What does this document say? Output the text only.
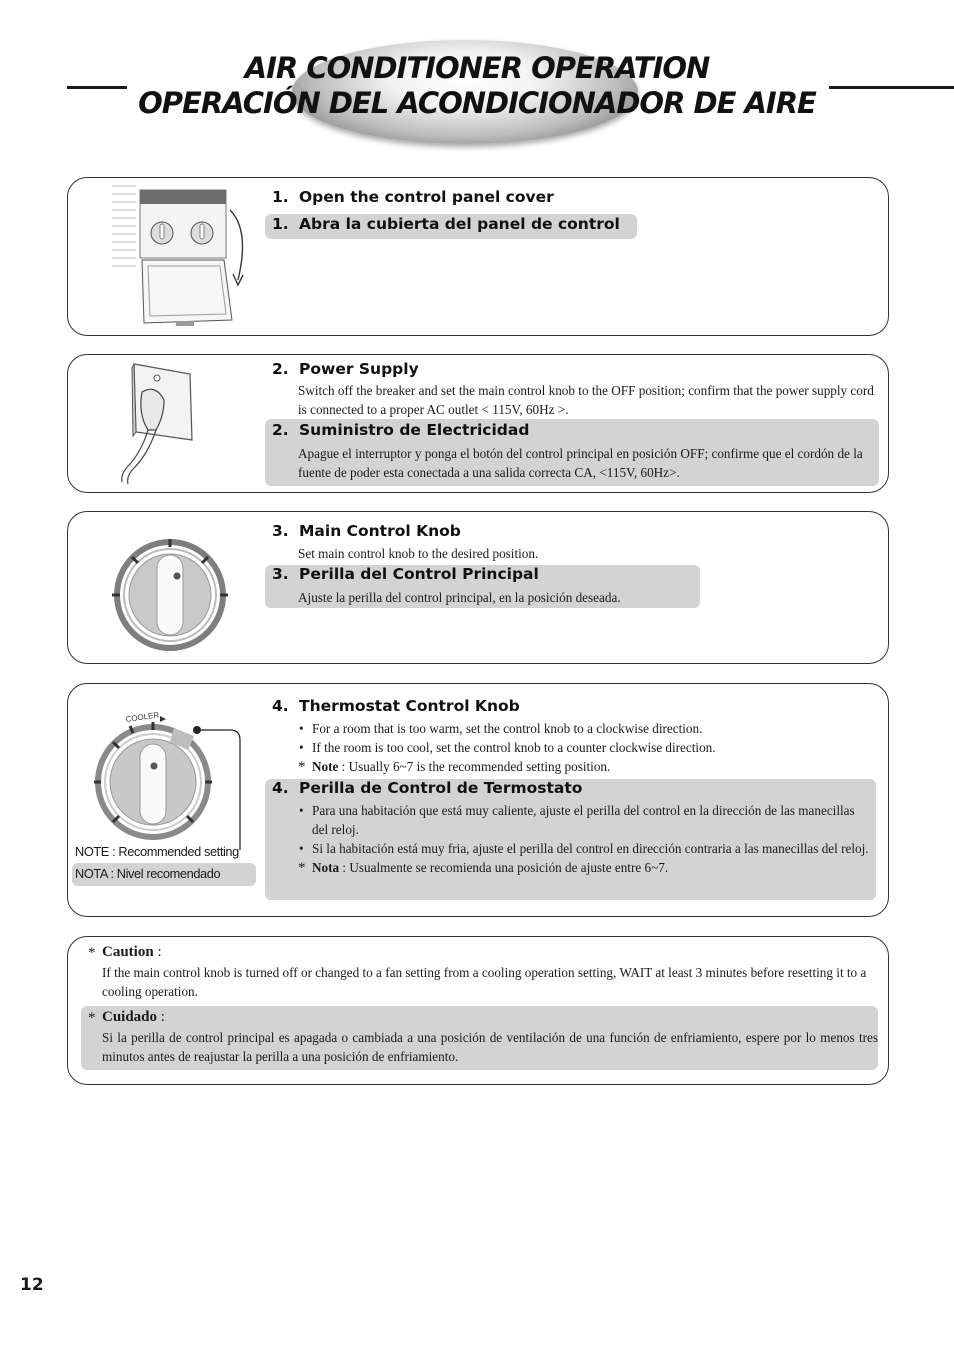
AIR CONDITIONER OPERATION
OPERACIÓN DEL ACONDICIONADOR DE AIRE
1. Open the control panel cover
1. Abra la cubierta del panel de control
2. Power Supply
Switch off the breaker and set the main control knob to the OFF position; confirm that the power supply cord is connected to a proper AC outlet < 115V, 60Hz >.
2. Suministro de Electricidad
Apague el interruptor y ponga el botón del control principal en posición OFF; confirme que el cordón de la fuente de poder esta conectada a una salida correcta CA, <115V, 60Hz>.
3. Main Control Knob
Set main control knob to the desired position.
3. Perilla del Control Principal
Ajuste la perilla del control principal, en la posición deseada.
COOLER
NOTE : Recommended setting
NOTA : Nivel recomendado
4. Thermostat Control Knob
• For a room that is too warm, set the control knob to a clockwise direction.
• If the room is too cool, set the control knob to a counter clockwise direction.
* Note : Usually 6~7 is the recommended setting position.
4. Perilla de Control de Termostato
• Para una habitación que está muy caliente, ajuste el perilla del control en la dirección de las manecillas del reloj.
• Si la habitación está muy fria, ajuste el perilla del control en dirección contraria a las manecillas del reloj.
* Nota : Usualmente se recomienda una posición de ajuste entre 6~7.
* Caution :
If the main control knob is turned off or changed to a fan setting from a cooling operation setting, WAIT at least 3 minutes before resetting it to a cooling operation.
* Cuidado :
Si la perilla de control principal es apagada o cambiada a una posición de ventilación de una función de enfriamiento, espere por lo menos tres minutos antes de reajustar la perilla a una posición de enfriamiento.
12
